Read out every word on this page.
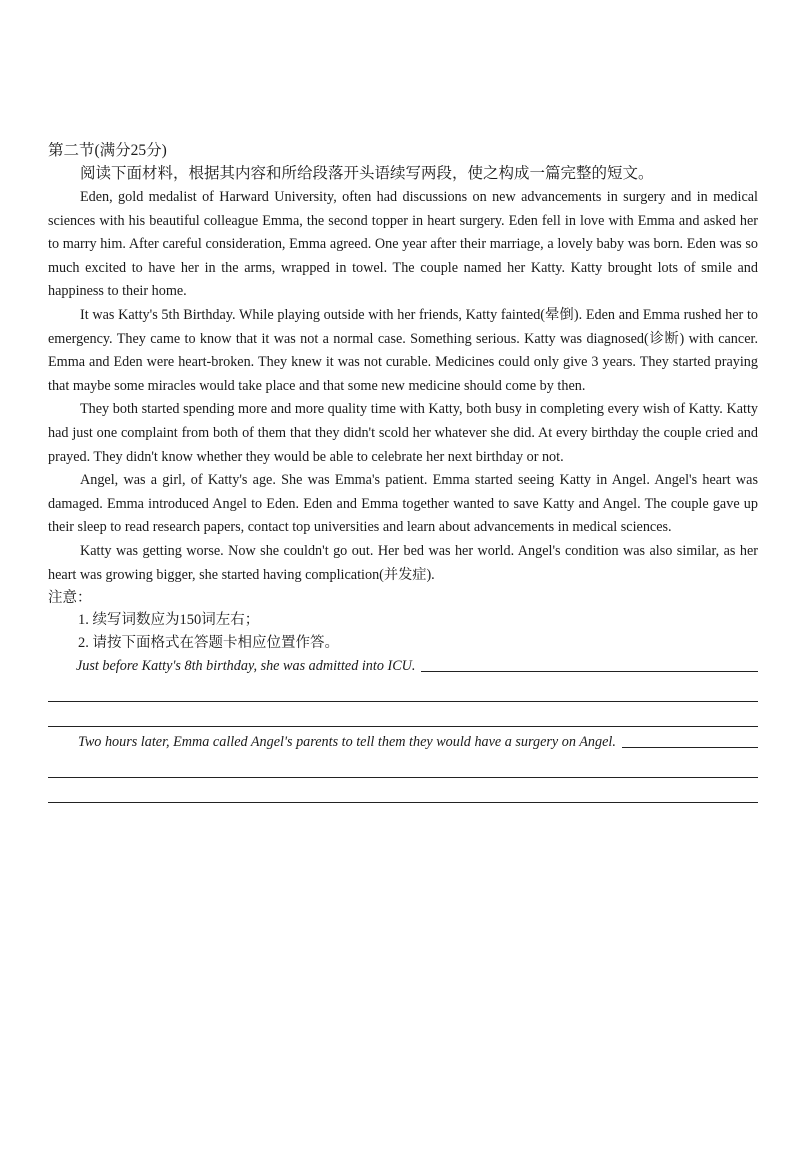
第二节(满分25分)

阅读下面材料，根据其内容和所给段落开头语续写两段，使之构成一篇完整的短文。

Eden, gold medalist of Harward University, often had discussions on new advancements in surgery and in medical sciences with his beautiful colleague Emma, the second topper in heart surgery. Eden fell in love with Emma and asked her to marry him. After careful consideration, Emma agreed. One year after their marriage, a lovely baby was born. Eden was so much excited to have her in the arms, wrapped in towel. The couple named her Katty. Katty brought lots of smile and happiness to their home.

It was Katty's 5th Birthday. While playing outside with her friends, Katty fainted(晕倒). Eden and Emma rushed her to emergency. They came to know that it was not a normal case. Something serious. Katty was diagnosed(诊断) with cancer. Emma and Eden were heart-broken. They knew it was not curable. Medicines could only give 3 years. They started praying that maybe some miracles would take place and that some new medicine should come by then.

They both started spending more and more quality time with Katty, both busy in completing every wish of Katty. Katty had just one complaint from both of them that they didn't scold her whatever she did. At every birthday the couple cried and prayed. They didn't know whether they would be able to celebrate her next birthday or not.

Angel, was a girl, of Katty's age. She was Emma's patient. Emma started seeing Katty in Angel. Angel's heart was damaged. Emma introduced Angel to Eden. Eden and Emma together wanted to save Katty and Angel. The couple gave up their sleep to read research papers, contact top universities and learn about advancements in medical sciences.

Katty was getting worse. Now she couldn't go out. Her bed was her world. Angel's condition was also similar, as her heart was growing bigger, she started having complication(并发症).

注意：

1. 续写词数应为150词左右；

2. 请按下面格式在答题卡相应位置作答。

Just before Katty's 8th birthday, she was admitted into ICU.
Two hours later, Emma called Angel's parents to tell them they would have a surgery on Angel.
